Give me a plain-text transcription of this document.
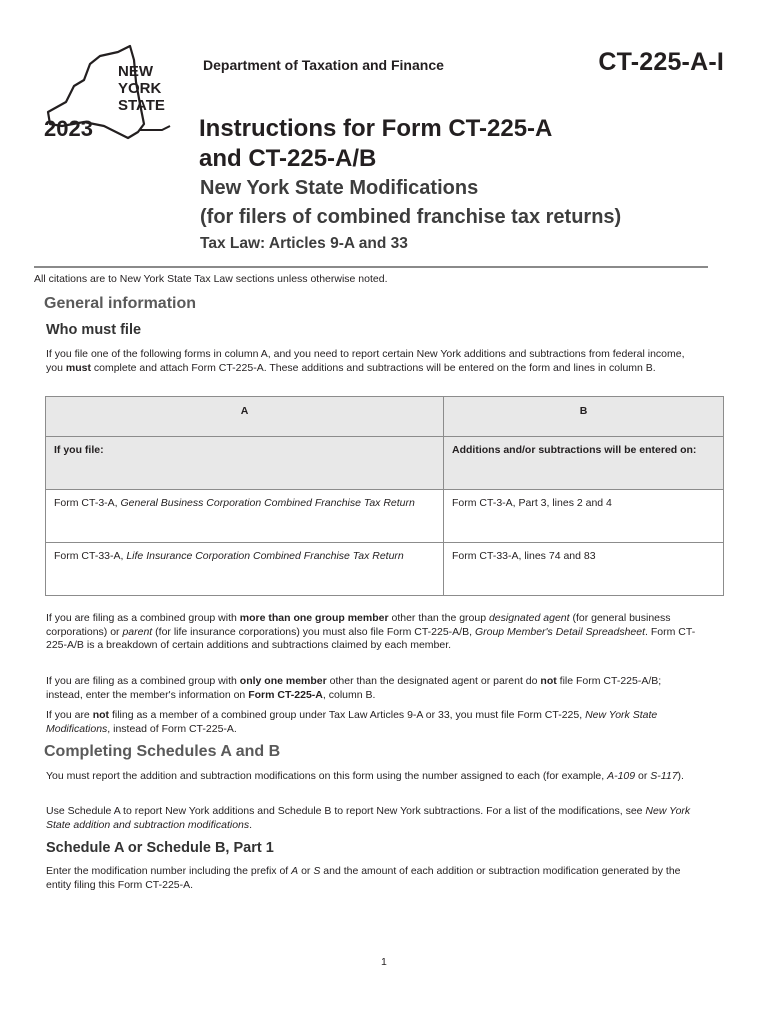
NEW
YORK
STATE
2023
Department of Taxation and Finance	CT-225-A-I
Instructions for Form CT-225-A
and CT-225-A/B
New York State Modifications
(for filers of combined franchise tax returns)
Tax Law: Articles 9-A and 33
All citations are to New York State Tax Law sections unless otherwise noted.
General information
Who must file

If you file one of the following forms in column A, and you need to report certain New York additions and subtractions from federal income, you must complete and attach Form CT-225-A. These additions and subtractions will be entered on the form and lines in column B.

A	B
If you file:	Additions and/or subtractions will be entered on:
Form CT-3-A, General Business Corporation Combined Franchise Tax Return	Form CT-3-A, Part 3, lines 2 and 4
Form CT-33-A, Life Insurance Corporation Combined Franchise Tax Return	Form CT-33-A, lines 74 and 83

If you are filing as a combined group with more than one group member other than the group designated agent (for general business corporations) or parent (for life insurance corporations) you must also file Form CT-225-A/B, Group Member's Detail Spreadsheet. Form CT-225-A/B is a breakdown of certain additions and subtractions claimed by each member.

If you are filing as a combined group with only one member other than the designated agent or parent do not file Form CT-225-A/B; instead, enter the member's information on Form CT-225-A, column B.

If you are not filing as a member of a combined group under Tax Law Articles 9-A or 33, you must file Form CT-225, New York State Modifications, instead of Form CT-225-A.

Completing Schedules A and B

You must report the addition and subtraction modifications on this form using the number assigned to each (for example, A-109 or S-117).

Use Schedule A to report New York additions and Schedule B to report New York subtractions. For a list of the modifications, see New York State addition and subtraction modifications.

Schedule A or Schedule B, Part 1

Enter the modification number including the prefix of A or S and the amount of each addition or subtraction modification generated by the entity filing this Form CT-225-A.

1
